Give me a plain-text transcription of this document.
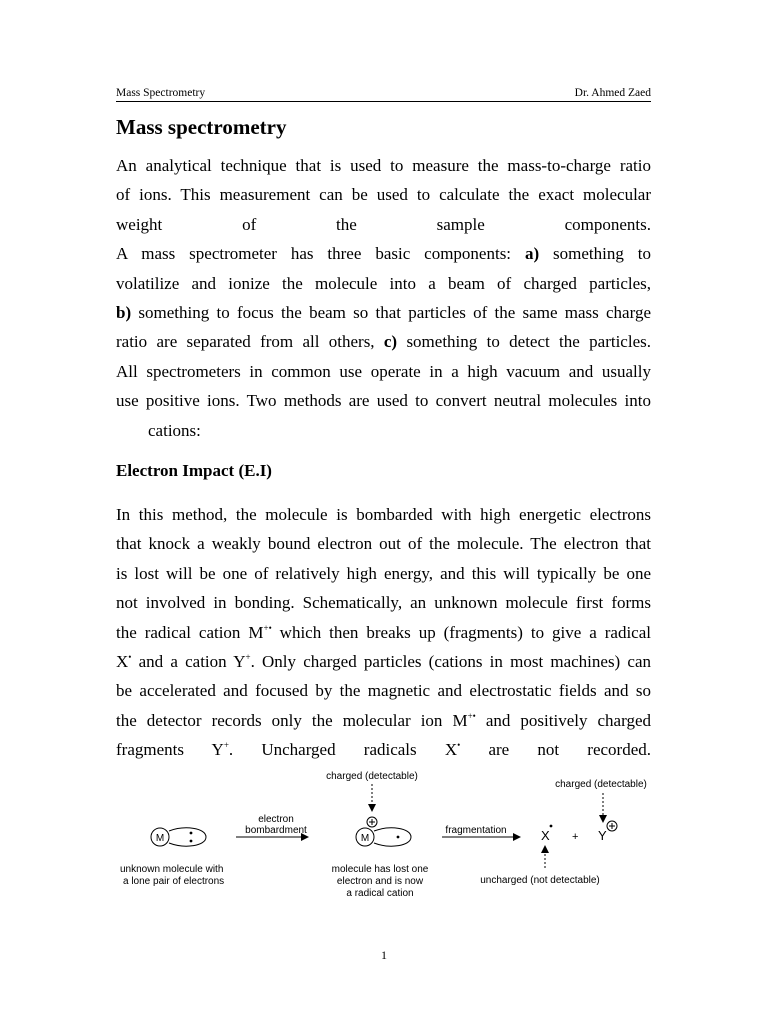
Mass Spectrometry	Dr. Ahmed Zaed
Mass spectrometry
An analytical technique that is used to measure the mass-to-charge ratio
of ions. This measurement can be used to calculate the exact molecular
weight of the sample components.
A mass spectrometer has three basic components: a) something to
volatilize and ionize the molecule into a beam of charged particles,
b) something to focus the beam so that particles of the same mass charge
ratio are separated from all others, c) something to detect the particles.
All spectrometers in common use operate in a high vacuum and usually
use positive ions. Two methods are used to convert neutral molecules into
cations:
Electron Impact (E.I)
In this method, the molecule is bombarded with high energetic electrons
that knock a weakly bound electron out of the molecule. The electron that
is lost will be one of relatively high energy, and this will typically be one
not involved in bonding. Schematically, an unknown molecule first forms
the radical cation M+• which then breaks up (fragments) to give a radical
X• and a cation Y+. Only charged particles (cations in most machines) can
be accelerated and focused by the magnetic and electrostatic fields and so
the detector records only the molecular ion M+• and positively charged
fragments Y+. Uncharged radicals X• are not recorded.
M
unknown molecule with
a lone pair of electrons
electron
bombardment
charged (detectable)
M
molecule has lost one
electron and is now
a radical cation
fragmentation	X + Y
charged (detectable)
uncharged (not detectable)
1
